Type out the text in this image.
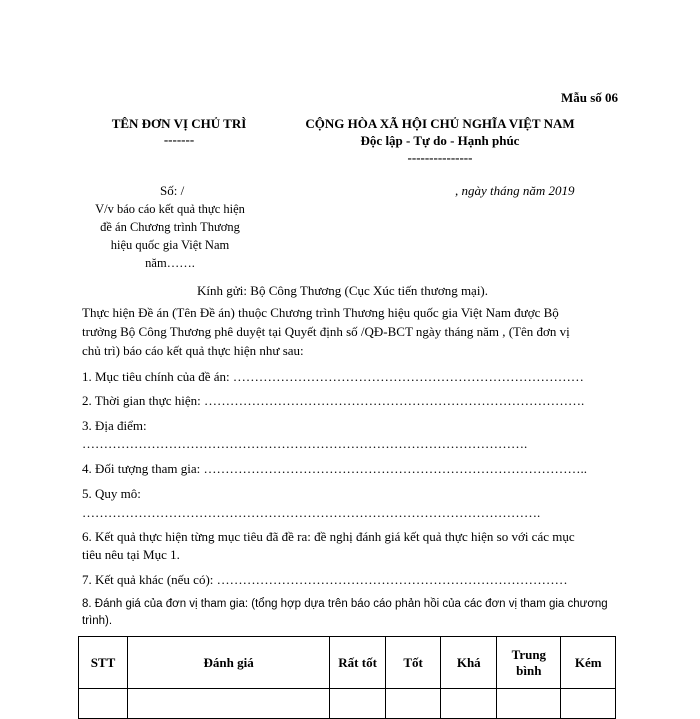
Mẫu số 06
TÊN ĐƠN VỊ CHỦ TRÌ
-------
CỘNG HÒA XÃ HỘI CHỦ NGHĨA VIỆT NAM
Độc lập - Tự do - Hạnh phúc
---------------
Số: /	, ngày tháng năm 2019
V/v báo cáo kết quả thực hiện
đề án Chương trình Thương
hiệu quốc gia Việt Nam
năm…….
Kính gửi: Bộ Công Thương (Cục Xúc tiến thương mại).
Thực hiện Đề án (Tên Đề án) thuộc Chương trình Thương hiệu quốc gia Việt Nam được Bộ
trưởng Bộ Công Thương phê duyệt tại Quyết định số /QĐ-BCT ngày tháng năm , (Tên đơn vị
chủ trì) báo cáo kết quả thực hiện như sau:
1. Mục tiêu chính của đề án: ………………………………………………………………………
2. Thời gian thực hiện: …………………………………………………………………………….
3. Địa điểm:
………………………………………………………………………………………….
4. Đối tượng tham gia: ……………………………………………………………………………..
5. Quy mô:
…………………………………………………………………………………………….
6. Kết quả thực hiện từng mục tiêu đã đề ra: đề nghị đánh giá kết quả thực hiện so với các mục
tiêu nêu tại Mục 1.
7. Kết quả khác (nếu có): ………………………………………………………………………
8. Đánh giá của đơn vị tham gia: (tổng hợp dựa trên báo cáo phản hồi của các đơn vị tham gia chương
trình).
STT	Đánh giá	Rất tốt	Tốt	Khá	Trung bình	Kém
